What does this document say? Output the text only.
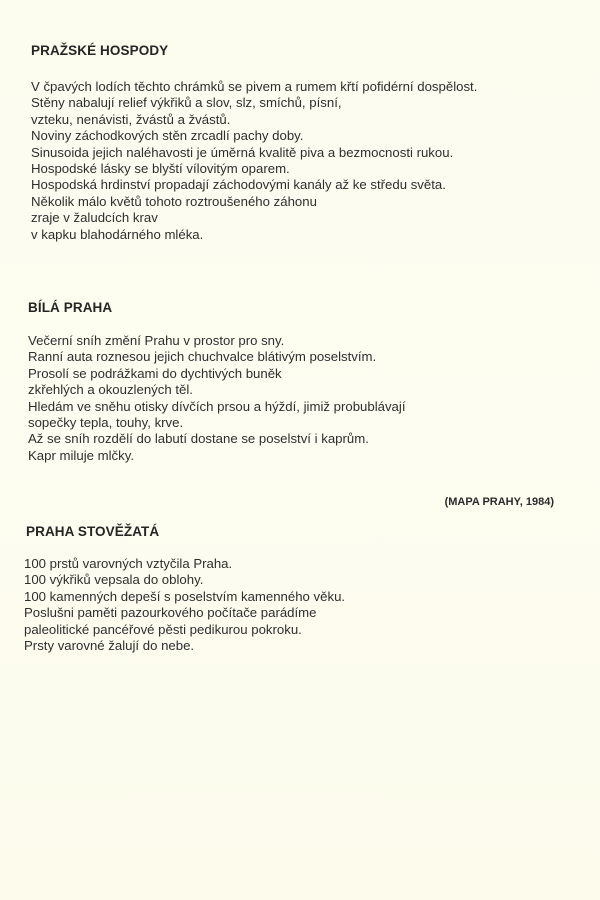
PRAŽSKÉ HOSPODY
V čpavých lodích těchto chrámků se pivem a rumem křtí pofidérní dospělost.
Stěny nabalují relief výkřiků a slov, slz, smíchů, písní,
vzteku, nenávisti, žvástů a žvástů.
Noviny záchodkových stěn zrcadlí pachy doby.
Sinusoida jejich naléhavosti je úměrná kvalitě piva a bezmocnosti rukou.
Hospodské lásky se blyští vílovitým oparem.
Hospodská hrdinství propadají záchodovými kanály až ke středu světa.
Několik málo květů tohoto roztroušeného záhonu
zraje v žaludcích krav
v kapku blahodárného mléka.
BÍLÁ PRAHA
Večerní sníh změní Prahu v prostor pro sny.
Ranní auta roznesou jejich chuchvalce blátivým poselstvím.
Prosolí se podrážkami do dychtivých buněk
zkřehlých a okouzlených těl.
Hledám ve sněhu otisky dívčích prsou a hýždí, jimiž probublávají
sopečky tepla, touhy, krve.
Až se sníh rozdělí do labutí dostane se poselství i kaprům.
Kapr miluje mlčky.
(MAPA PRAHY, 1984)
PRAHA STOVĚŽATÁ
100 prstů varovných vztyčila Praha.
100 výkřiků vepsala do oblohy.
100 kamenných depeší s poselstvím kamenného věku.
Poslušni paměti pazourkového počítače parádíme
paleolitické pancéřové pěsti pedikurou pokroku.
Prsty varovné žalují do nebe.
